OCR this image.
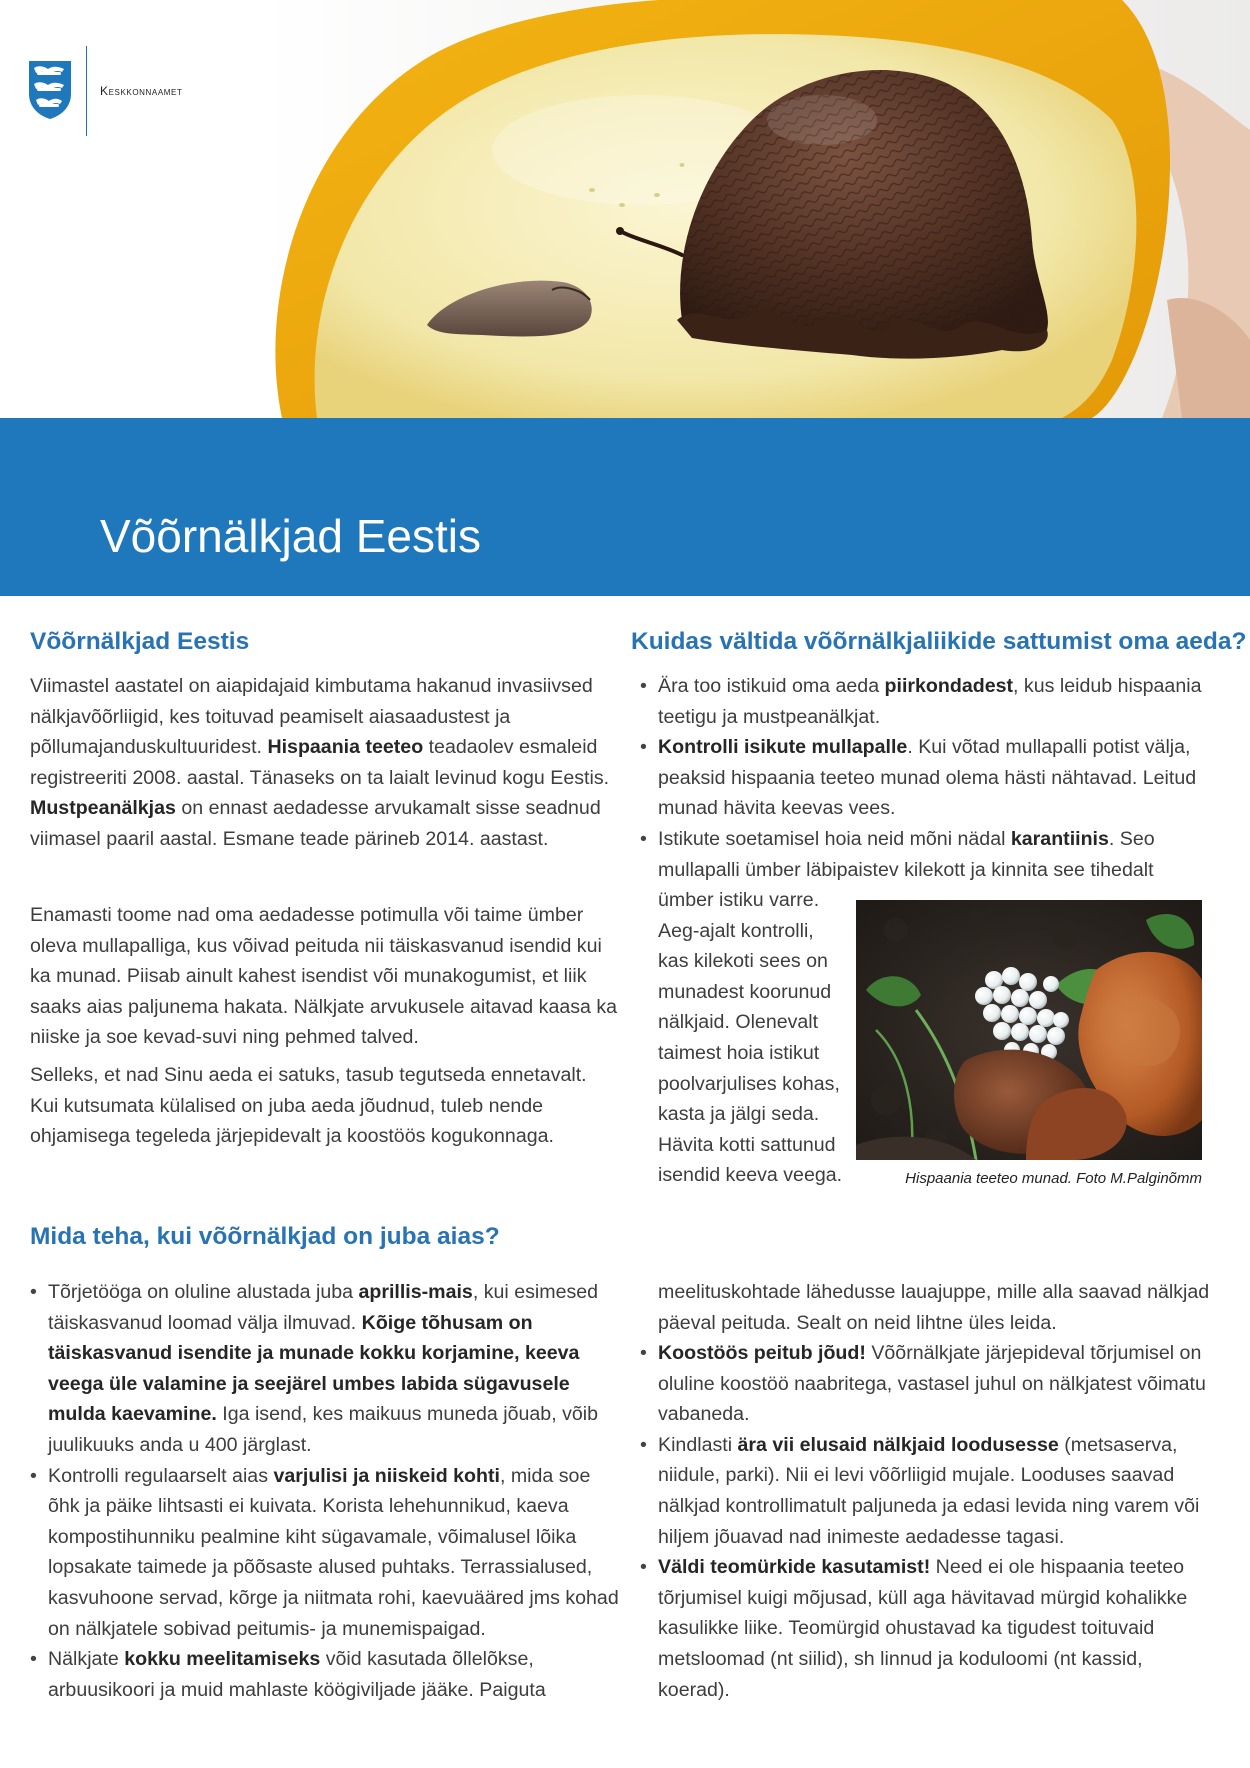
Keskkonnaamet
Võõrnälkjad Eestis
Võõrnälkjad Eestis

Viimastel aastatel on aiapidajaid kimbutama hakanud invasiivsed nälkjavõõrliigid, kes toituvad peamiselt aiasaadustest ja põllumajanduskultuuridest. Hispaania teeteo teadaolev esmaleid registreeriti 2008. aastal. Tänaseks on ta laialt levinud kogu Eestis. Mustpeanälkjas on ennast aedadesse arvukamalt sisse seadnud viimasel paaril aastal. Esmane teade pärineb 2014. aastast.

Enamasti toome nad oma aedadesse potimulla või taime ümber oleva mullapalliga, kus võivad peituda nii täiskasvanud isendid kui ka munad. Piisab ainult kahest isendist või munakogumist, et liik saaks aias paljunema hakata. Nälkjate arvukusele aitavad kaasa ka niiske ja soe kevad-suvi ning pehmed talved.

Selleks, et nad Sinu aeda ei satuks, tasub tegutseda ennetavalt. Kui kutsumata külalised on juba aeda jõudnud, tuleb nende ohjamisega tegeleda järjepidevalt ja koostöös kogukonnaga.

Kuidas vältida võõrnälkjaliikide sattumist oma aeda?
• Ära too istikuid oma aeda piirkondadest, kus leidub hispaania teetigu ja mustpeanälkjat.
• Kontrolli isikute mullapalle. Kui võtad mullapalli potist välja, peaksid hispaania teeteo munad olema hästi nähtavad. Leitud munad hävita keevas vees.
• Istikute soetamisel hoia neid mõni nädal karantiinis. Seo mullapalli ümber läbipaistev kilekott ja kinnita see tihedalt
ümber istiku varre.
Aeg-ajalt kontrolli,
kas kilekoti sees on
munadest koorunud
nälkjaid. Olenevalt
taimest hoia istikut
poolvarjulises kohas,
kasta ja jälgi seda.
Hävita kotti sattunud
isendid keeva veega.	Hispaania teeteo munad. Foto M.Palginõmm
Mida teha, kui võõrnälkjad on juba aias?
• Tõrjetööga on oluline alustada juba aprillis-mais, kui esimesed täiskasvanud loomad välja ilmuvad. Kõige tõhusam on täiskasvanud isendite ja munade kokku korjamine, keeva veega üle valamine ja seejärel umbes labida sügavusele mulda kaevamine. Iga isend, kes maikuus muneda jõuab, võib juulikuuks anda u 400 järglast.
• Kontrolli regulaarselt aias varjulisi ja niiskeid kohti, mida soe õhk ja päike lihtsasti ei kuivata. Korista lehehunnikud, kaeva kompostihunniku pealmine kiht sügavamale, võimalusel lõika lopsakate taimede ja põõsaste alused puhtaks. Terrassialused, kasvuhoone servad, kõrge ja niitmata rohi, kaevuääred jms kohad on nälkjatele sobivad peitumis- ja munemispaigad.
• Nälkjate kokku meelitamiseks võid kasutada õllelõkse, arbuusikoori ja muid mahlaste köögiviljade jääke. Paiguta

meelituskohtade lähedusse lauajuppe, mille alla saavad nälkjad päeval peituda. Sealt on neid lihtne üles leida.

• Koostöös peitub jõud! Võõrnälkjate järjepideval tõrjumisel on oluline koostöö naabritega, vastasel juhul on nälkjatest võimatu vabaneda.
• Kindlasti ära vii elusaid nälkjaid loodusesse (metsaserva, niidule, parki). Nii ei levi võõrliigid mujale. Looduses saavad nälkjad kontrollimatult paljuneda ja edasi levida ning varem või hiljem jõuavad nad inimeste aedadesse tagasi.
• Väldi teomürkide kasutamist! Need ei ole hispaania teeteo tõrjumisel kuigi mõjusad, küll aga hävitavad mürgid kohalikke kasulikke liike. Teomürgid ohustavad ka tigudest toituvaid metsloomad (nt siilid), sh linnud ja koduloomi (nt kassid, koerad).
